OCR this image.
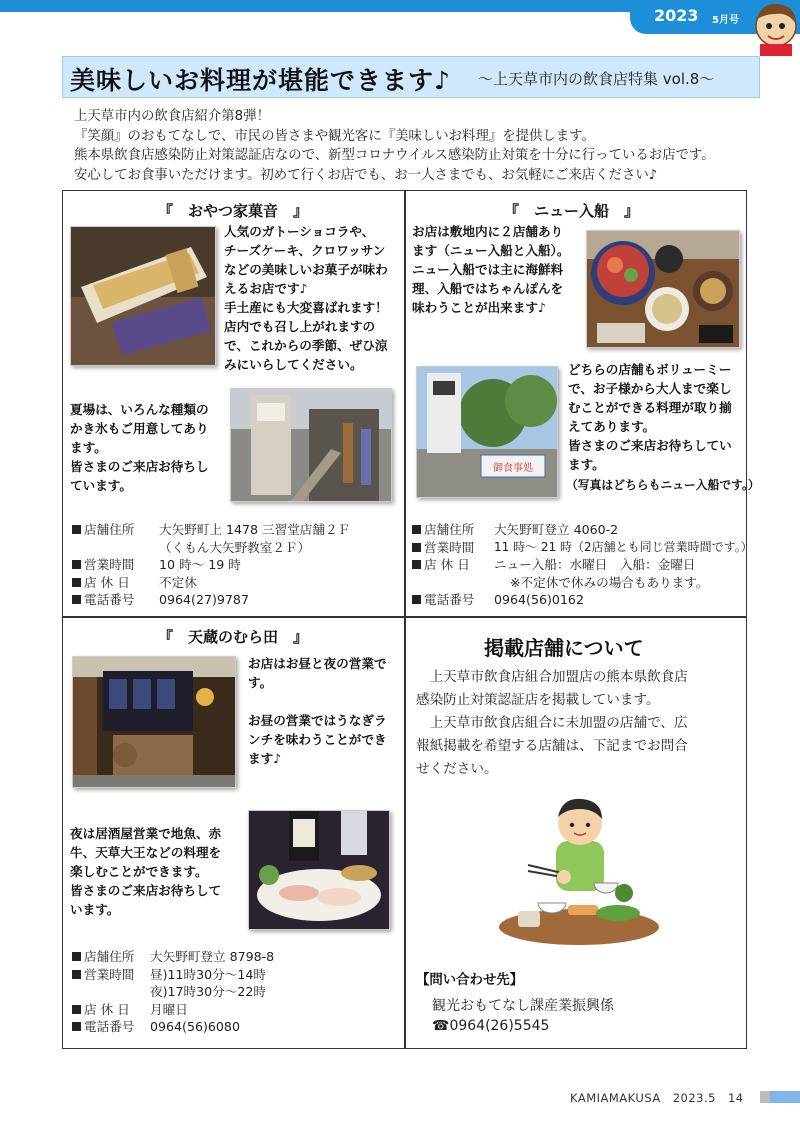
2023 5月号
美味しいお料理が堪能できます♪ ～上天草市内の飲食店特集 vol.8～
上天草市内の飲食店紹介第8弾！
『笑顔』のおもてなしで、市民の皆さまや観光客に『美味しいお料理』を提供します。
熊本県飲食店感染防止対策認証店なので、新型コロナウイルス感染防止対策を十分に行っているお店です。
安心してお食事いただけます。初めて行くお店でも、お一人さまでも、お気軽にご来店ください♪
『　おやつ家菓音　』
人気のガトーショコラや、
チーズケーキ、クロワッサン
などの美味しいお菓子が味わ
えるお店です♪
手土産にも大変喜ばれます！
店内でも召し上がれますの
で、これからの季節、ぜひ涼
みにいらしてください。
夏場は、いろんな種類の
かき氷もご用意してあり
ます。
皆さまのご来店お待ちし
ています。
店舗住所 大矢野町上 1478 三習堂店舗２Ｆ
（くもん大矢野教室２Ｆ）
営業時間 10 時～ 19 時
店 休 日 不定休
電話番号 0964(27)9787
『　ニュー入船　』
お店は敷地内に２店舗あり
ます（ニュー入船と入船）。
ニュー入船では主に海鮮料
理、入船ではちゃんぽんを
味わうことが出来ます♪
御食事処
どちらの店舗もボリューミー
で、お子様から大人まで楽し
むことができる料理が取り揃
えてあります。
皆さまのご来店お待ちしてい
ます。
（写真はどちらもニュー入船です。）
店舗住所 大矢野町登立 4060-2
営業時間 11 時～ 21 時（2店舗とも同じ営業時間です。）
店 休 日 ニュー入船：水曜日　入船：金曜日
※不定休で休みの場合もあります。
電話番号 0964(56)0162
『　天蔵のむら田　』
お店はお昼と夜の営業で
す。
お昼の営業ではうなぎラ
ンチを味わうことができ
ます♪
夜は居酒屋営業で地魚、赤
牛、天草大王などの料理を
楽しむことができます。
皆さまのご来店お待ちして
います。
店舗住所 大矢野町登立 8798-8
営業時間 昼)11時30分～14時
夜)17時30分～22時
店 休 日 月曜日
電話番号 0964(56)6080
掲載店舗について
　上天草市飲食店組合加盟店の熊本県飲食店
感染防止対策認証店を掲載しています。
　上天草市飲食店組合に未加盟の店舗で、広
報紙掲載を希望する店舗は、下記までお問合
せください。
【問い合わせ先】
観光おもてなし課産業振興係
☎0964(26)5545
KAMIAMAKUSA　2023.5　14
